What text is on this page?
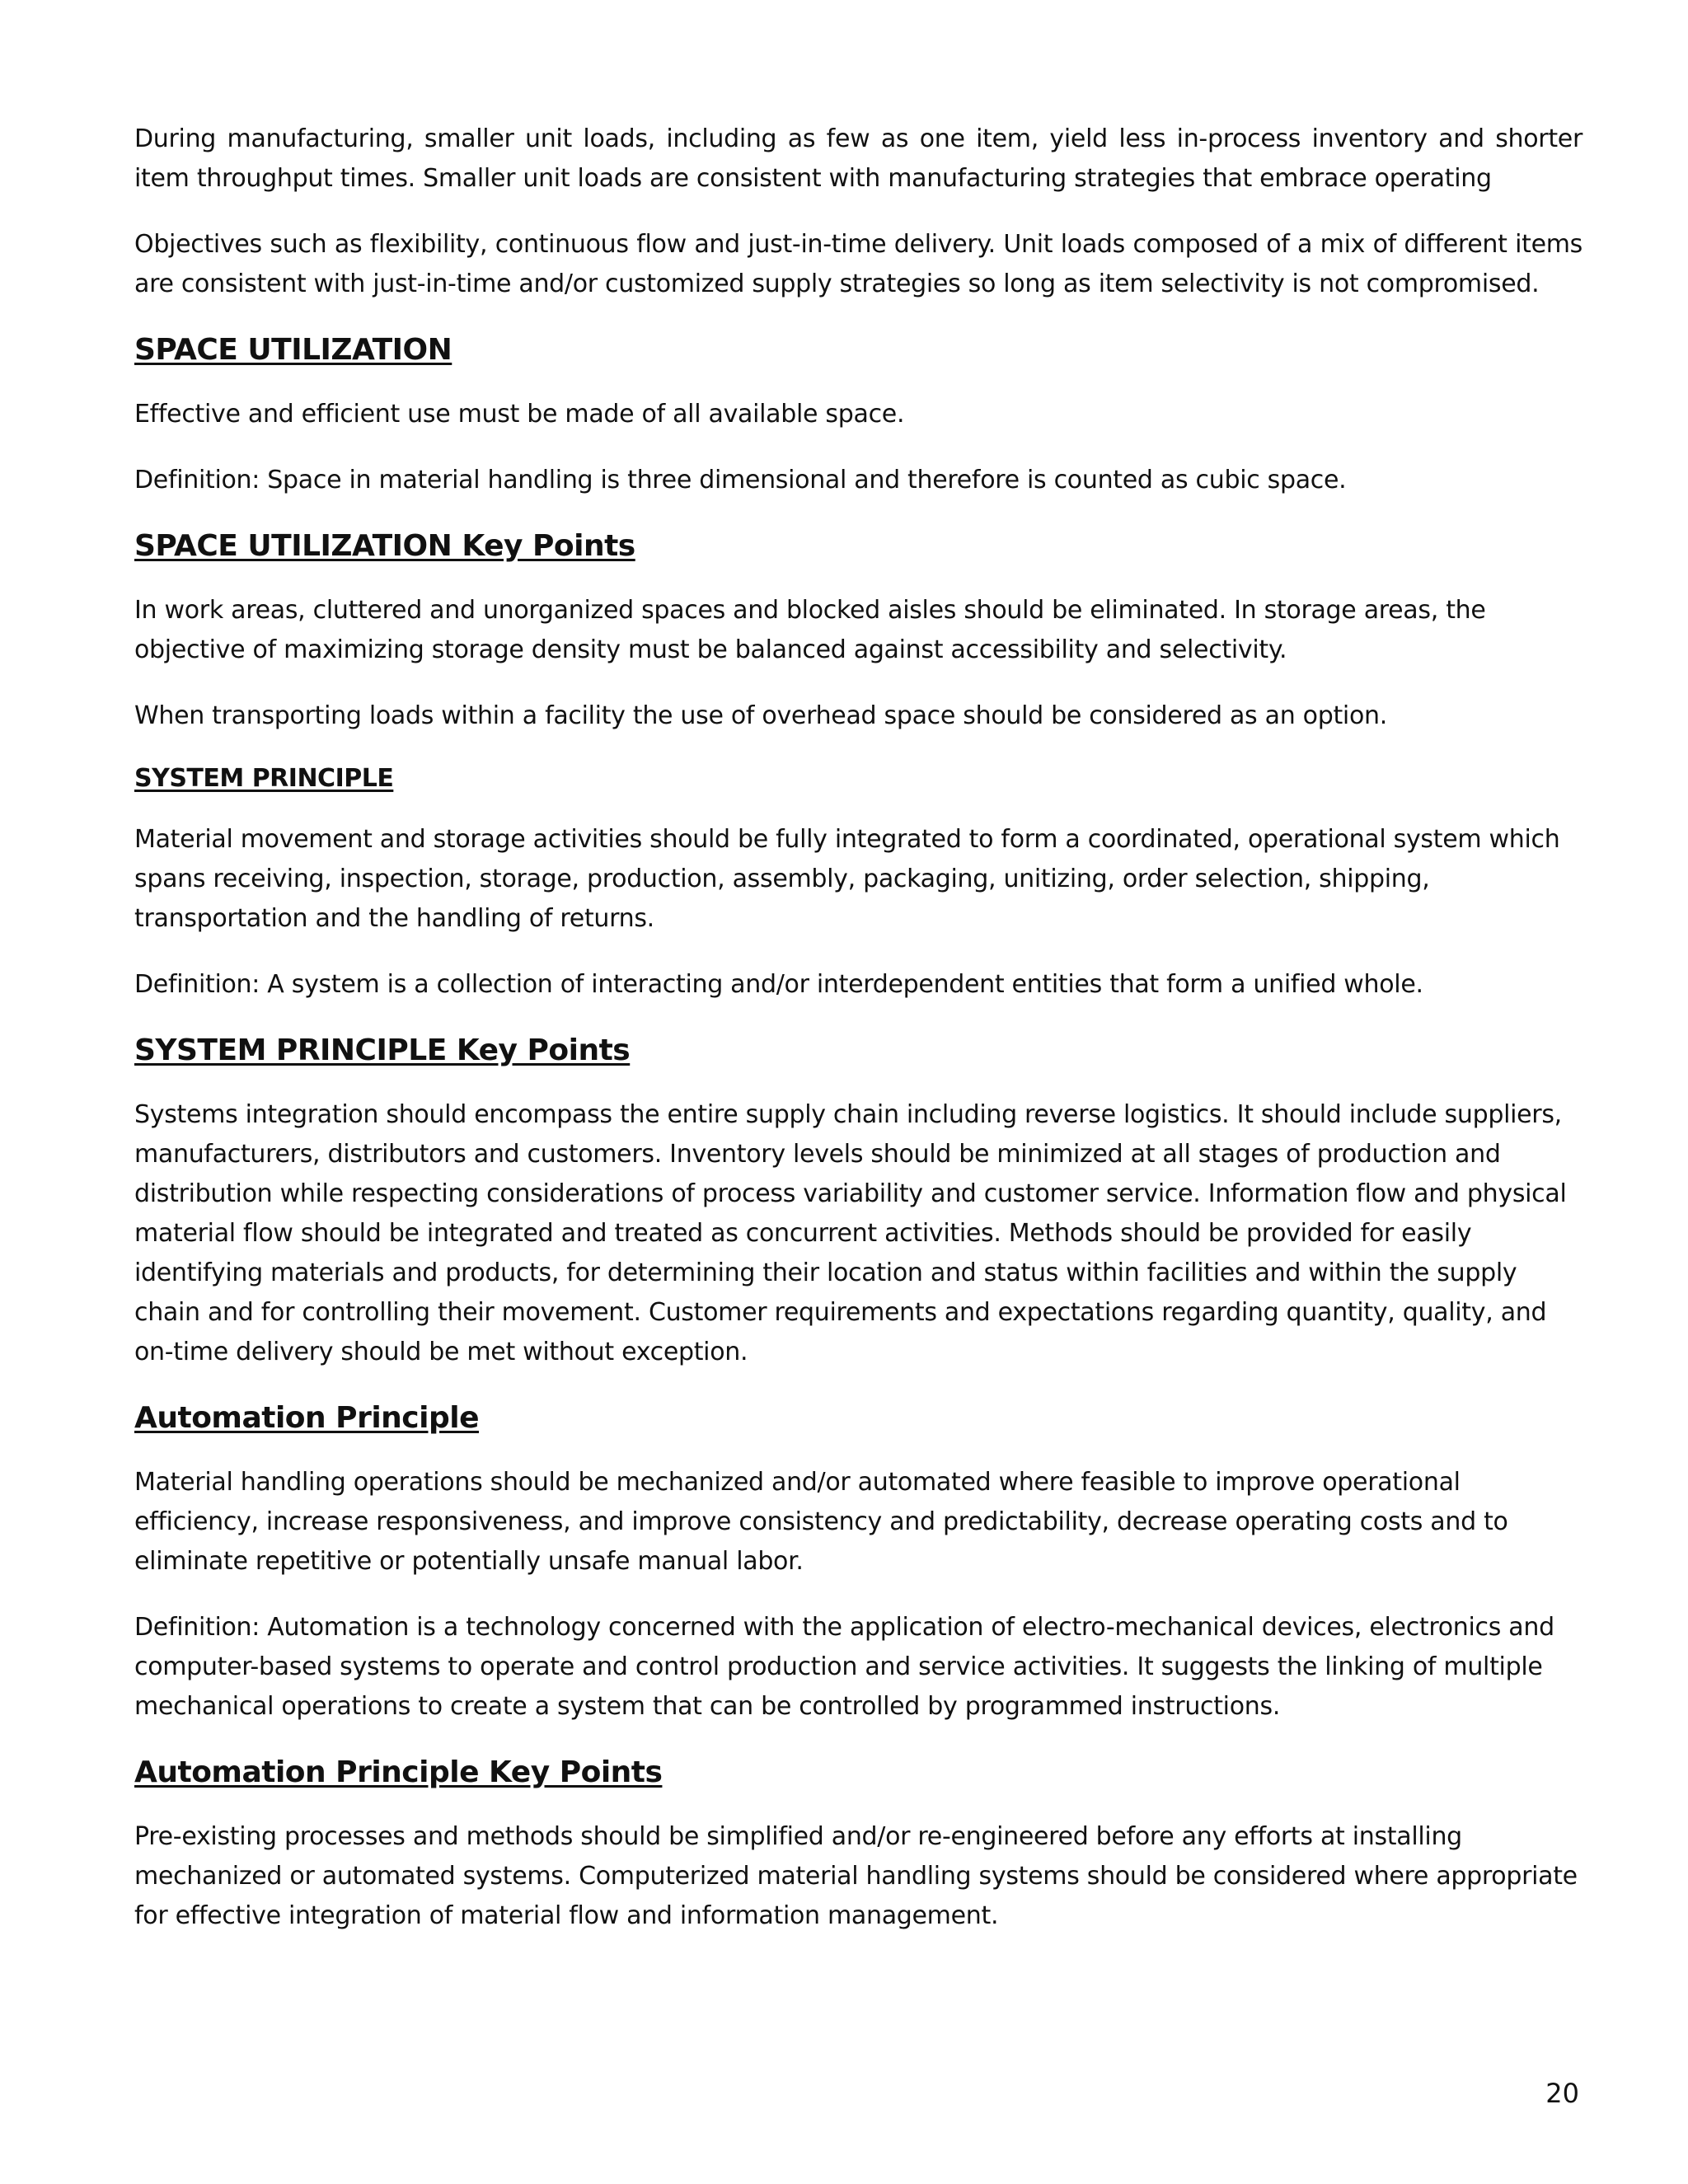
During manufacturing, smaller unit loads, including as few as one item, yield less in-process inventory and shorter item throughput times. Smaller unit loads are consistent with manufacturing strategies that embrace operating

Objectives such as flexibility, continuous flow and just-in-time delivery. Unit loads composed of a mix of different items are consistent with just-in-time and/or customized supply strategies so long as item selectivity is not compromised.

SPACE UTILIZATION

Effective and efficient use must be made of all available space.

Definition: Space in material handling is three dimensional and therefore is counted as cubic space.

SPACE UTILIZATION Key Points

In work areas, cluttered and unorganized spaces and blocked aisles should be eliminated. In storage areas, the objective of maximizing storage density must be balanced against accessibility and selectivity.

When transporting loads within a facility the use of overhead space should be considered as an option.

SYSTEM PRINCIPLE

Material movement and storage activities should be fully integrated to form a coordinated, operational system which spans receiving, inspection, storage, production, assembly, packaging, unitizing, order selection, shipping, transportation and the handling of returns.

Definition: A system is a collection of interacting and/or interdependent entities that form a unified whole.

SYSTEM PRINCIPLE Key Points

Systems integration should encompass the entire supply chain including reverse logistics. It should include suppliers, manufacturers, distributors and customers. Inventory levels should be minimized at all stages of production and distribution while respecting considerations of process variability and customer service. Information flow and physical material flow should be integrated and treated as concurrent activities. Methods should be provided for easily identifying materials and products, for determining their location and status within facilities and within the supply chain and for controlling their movement. Customer requirements and expectations regarding quantity, quality, and on-time delivery should be met without exception.

Automation Principle

Material handling operations should be mechanized and/or automated where feasible to improve operational efficiency, increase responsiveness, and improve consistency and predictability, decrease operating costs and to eliminate repetitive or potentially unsafe manual labor.

Definition: Automation is a technology concerned with the application of electro-mechanical devices, electronics and computer-based systems to operate and control production and service activities. It suggests the linking of multiple mechanical operations to create a system that can be controlled by programmed instructions.

Automation Principle Key Points

Pre-existing processes and methods should be simplified and/or re-engineered before any efforts at installing mechanized or automated systems. Computerized material handling systems should be considered where appropriate for effective integration of material flow and information management.

20
